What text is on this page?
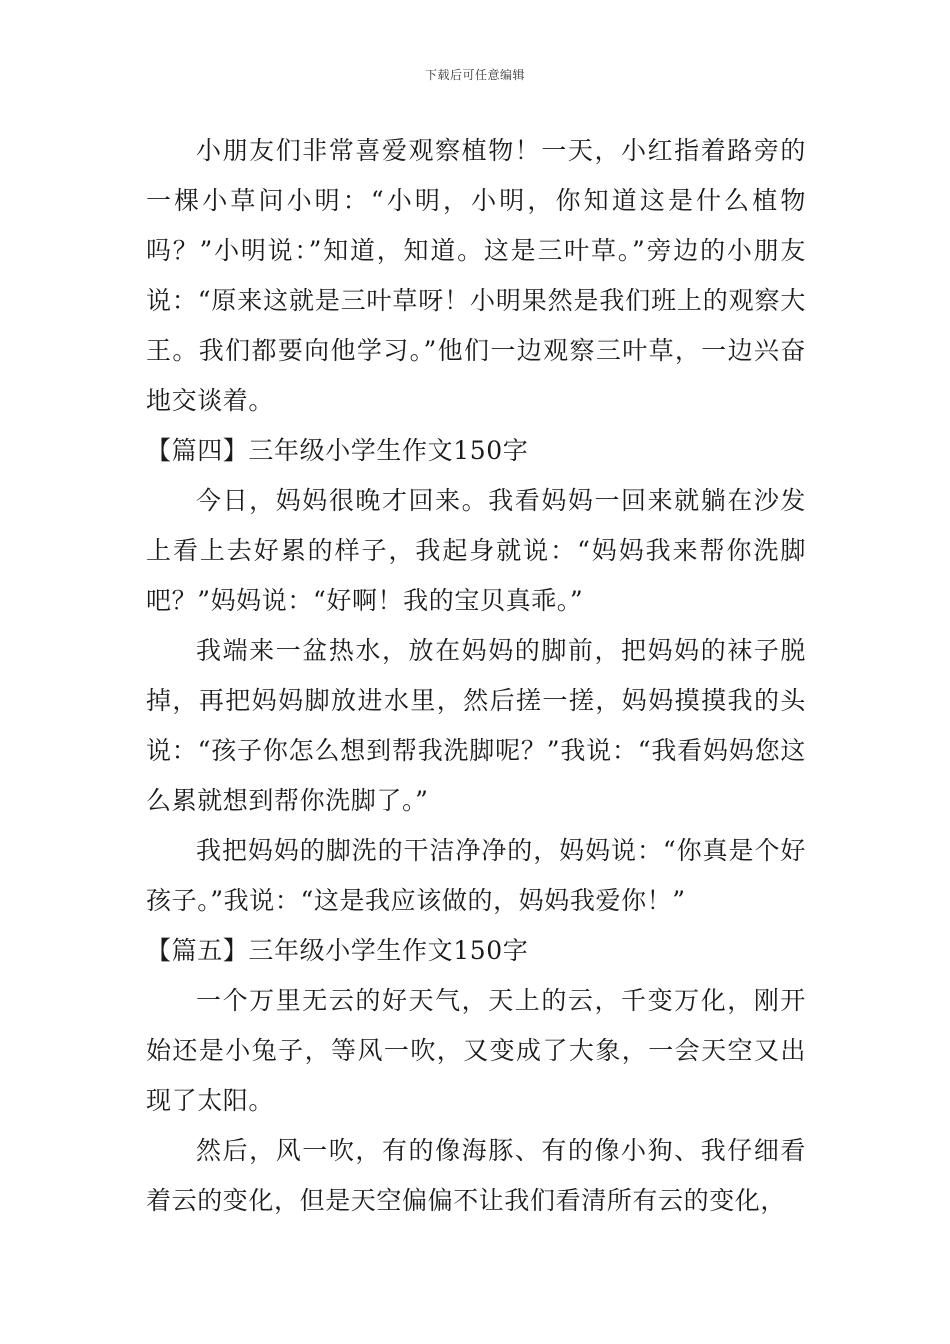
下载后可任意编辑

小朋友们非常喜爱观察植物！一天，小红指着路旁的一棵小草问小明：“小明，小明，你知道这是什么植物吗？”小明说：”知道，知道。这是三叶草。”旁边的小朋友说：“原来这就是三叶草呀！小明果然是我们班上的观察大王。我们都要向他学习。”他们一边观察三叶草，一边兴奋地交谈着。

【篇四】三年级小学生作文150字

今日，妈妈很晚才回来。我看妈妈一回来就躺在沙发上看上去好累的样子，我起身就说：“妈妈我来帮你洗脚吧？”妈妈说：“好啊！我的宝贝真乖。”

我端来一盆热水，放在妈妈的脚前，把妈妈的袜子脱掉，再把妈妈脚放进水里，然后搓一搓，妈妈摸摸我的头说：“孩子你怎么想到帮我洗脚呢？”我说：“我看妈妈您这么累就想到帮你洗脚了。”

我把妈妈的脚洗的干洁净净的，妈妈说：“你真是个好孩子。”我说：“这是我应该做的，妈妈我爱你！”

【篇五】三年级小学生作文150字

一个万里无云的好天气，天上的云，千变万化，刚开始还是小兔子，等风一吹，又变成了大象，一会天空又出现了太阳。

然后，风一吹，有的像海豚、有的像小狗、我仔细看着云的变化，但是天空偏偏不让我们看清所有云的变化，
